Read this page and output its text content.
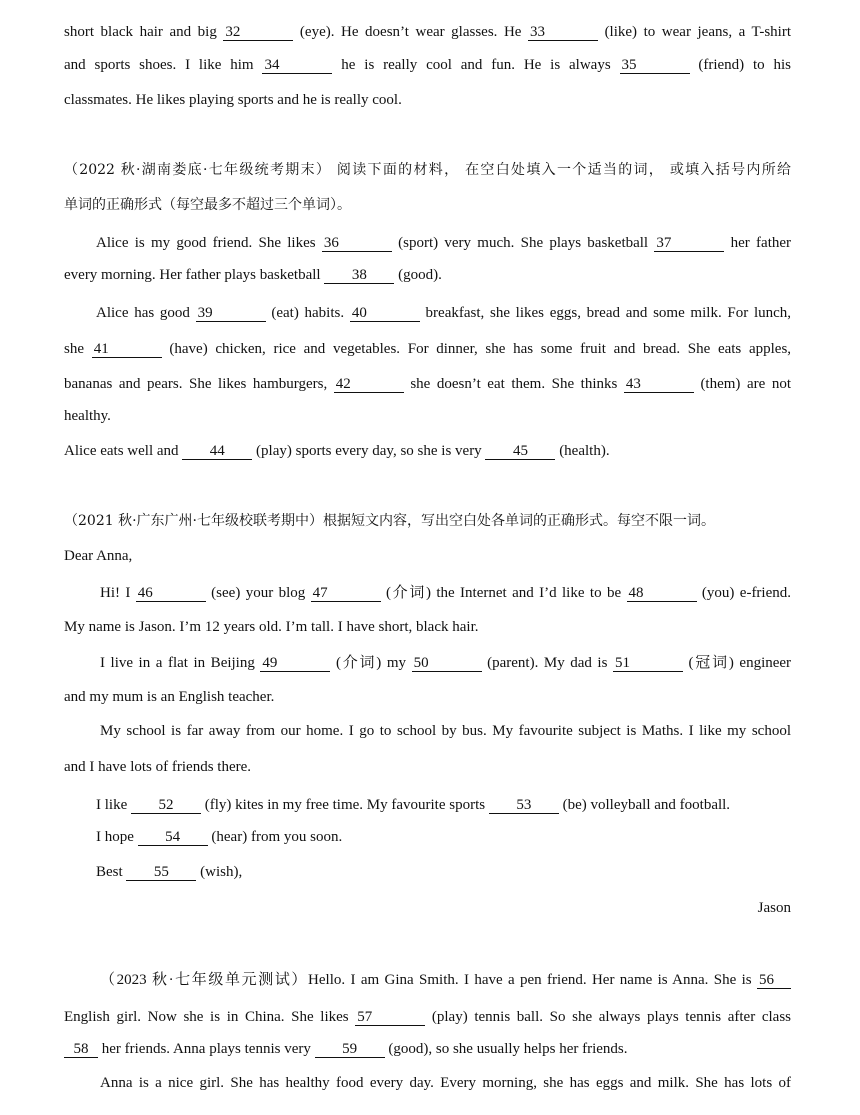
short black hair and big 32	(eye). He doesn’t wear glasses. He 33	(like) to wear jeans, a T-shirt
and sports shoes. I like him 34	he is really cool and fun. He is always 35	(friend) to his
classmates. He likes playing sports and he is really cool.
（2022 秋·湖南娄底·七年级统考期末） 阅读下面的材料， 在空白处填入一个适当的词， 或填入括号内所给
单词的正确形式（每空最多不超过三个单词）。
Alice is my good friend. She likes 36	(sport) very much. She plays basketball 37	her father
every morning. Her father plays basketball 38 (good).
Alice has good 39	(eat) habits. 40	breakfast, she likes eggs, bread and some milk. For lunch,
she 41	(have) chicken, rice and vegetables. For dinner, she has some fruit and bread. She eats apples,
bananas and pears. She likes hamburgers, 42	she doesn’t eat them. She thinks 43	(them) are not
healthy.
Alice eats well and 44 (play) sports every day, so she is very 45 (health).
（2021 秋·广东广州·七年级校联考期中）根据短文内容，写出空白处各单词的正确形式。每空不限一词。
Dear Anna,
Hi! I 46	(see) your blog 47	(介词) the Internet and I’d like to be 48	(you) e-friend.
My name is Jason. I’m 12 years old. I’m tall. I have short, black hair.
I live in a flat in Beijing 49	(介词) my 50	(parent). My dad is 51	(冠词) engineer
and my mum is an English teacher.
My school is far away from our home. I go to school by bus. My favourite subject is Maths. I like my school
and I have lots of friends there.
I like 52 (fly) kites in my free time. My favourite sports 53 (be) volleyball and football.
I hope 54 (hear) from you soon.
Best 55 (wish),
Jason
（2023 秋·七年级单元测试）Hello. I am Gina Smith. I have a pen friend. Her name is Anna. She is 56
English girl. Now she is in China. She likes 57	(play) tennis ball. So she always plays tennis after class
58 her friends. Anna plays tennis very 59 (good), so she usually helps her friends.
Anna is a nice girl. She has healthy food every day. Every morning, she has eggs and milk. She has lots of
